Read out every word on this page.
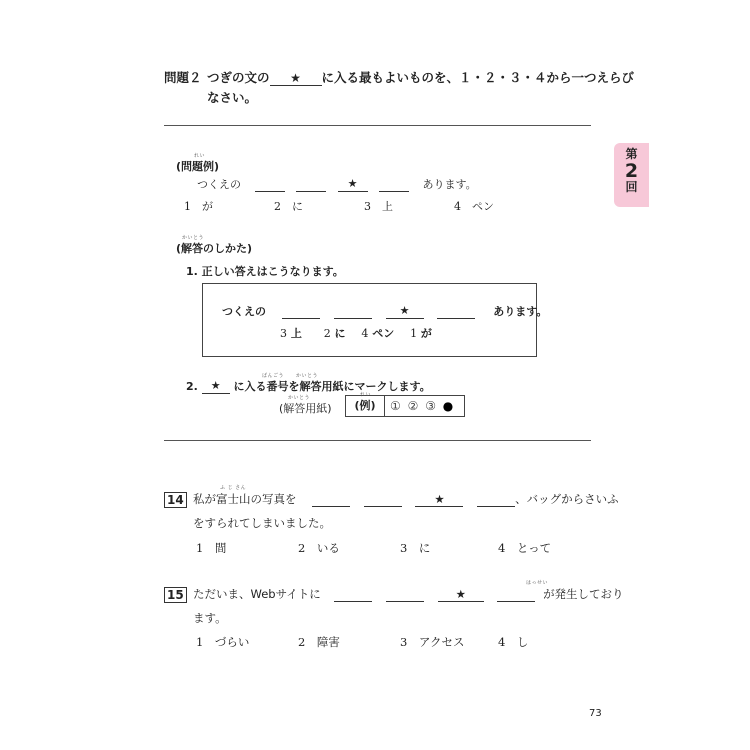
問題２ つぎの文の ★ に入る最もよいものを、１・２・３・４から一つえらび
なさい。
第
2
回
れい
(問題例)
つくえの	★	あります。
1　 が	2　 に	3　 上	4　 ペン
かいとう
(解答のしかた)
1. 正しい答えはこうなります。
つくえの	★	あります。
3 上 2 に 4 ペン 1 が
ばんごう かいとう
2. ★ に入る番号を解答用紙にマークします。
かいとう
(解答用紙)
れい
(例)	① ② ③ ●
14
ふ じ さん
私が富士山の写真を	★	、バッグからさいふ
をすられてしまいました。
1　 間	2　 いる	3　 に	4　 とって
15
はっせい
ただいま、Webサイトに	★	が発生しており
ます。
1　 づらい	2　 障害	3　 アクセス	4　 し
73
